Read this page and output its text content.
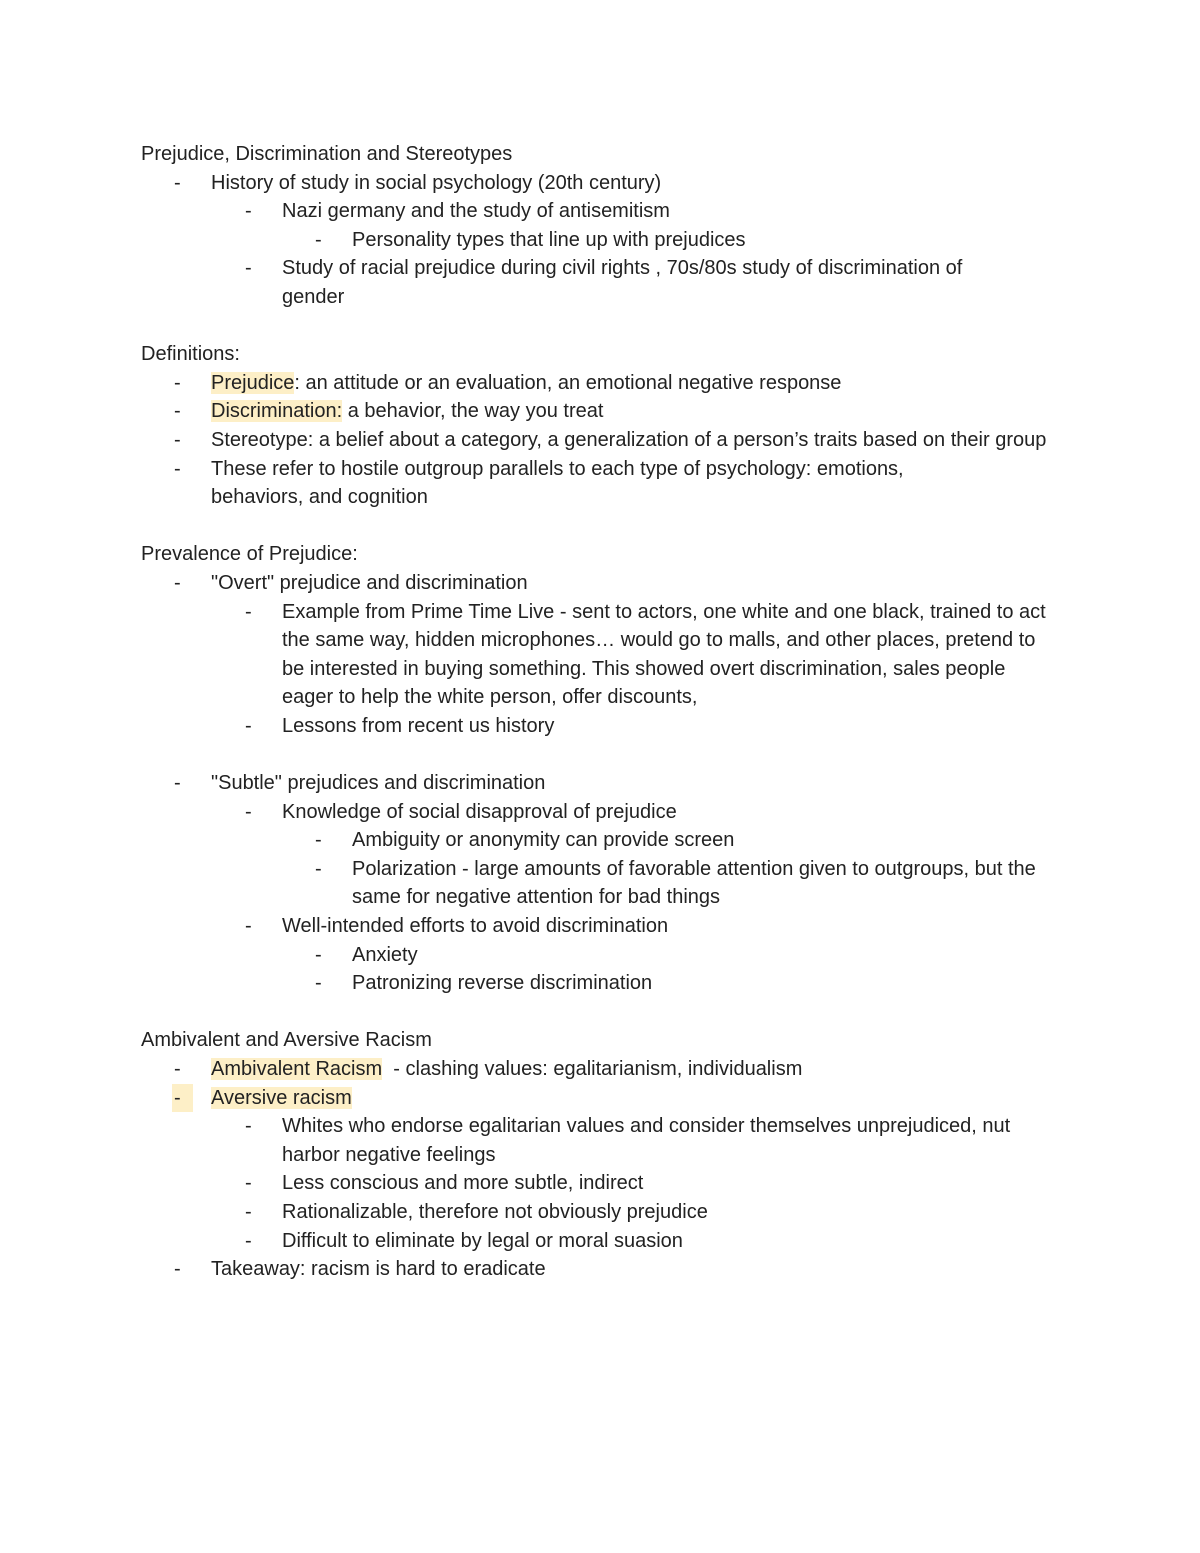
Prejudice, Discrimination and Stereotypes
- History of study in social psychology (20th century)
- Nazi germany and the study of antisemitism
- Personality types that line up with prejudices
- Study of racial prejudice during civil rights , 70s/80s study of discrimination of gender
Definitions:
- Prejudice: an attitude or an evaluation, an emotional negative response
- Discrimination: a behavior, the way you treat
- Stereotype: a belief about a category, a generalization of a person’s traits based on their group
- These refer to hostile outgroup parallels to each type of psychology: emotions, behaviors, and cognition
Prevalence of Prejudice:
- "Overt" prejudice and discrimination
- Example from Prime Time Live - sent to actors, one white and one black, trained to act the same way, hidden microphones… would go to malls, and other places, pretend to be interested in buying something. This showed overt discrimination, sales people eager to help the white person, offer discounts,
- Lessons from recent us history
- "Subtle" prejudices and discrimination
- Knowledge of social disapproval of prejudice
- Ambiguity or anonymity can provide screen
- Polarization - large amounts of favorable attention given to outgroups, but the same for negative attention for bad things
- Well-intended efforts to avoid discrimination
- Anxiety
- Patronizing reverse discrimination
Ambivalent and Aversive Racism
- Ambivalent Racism  - clashing values: egalitarianism, individualism
-	Aversive racism
- Whites who endorse egalitarian values and consider themselves unprejudiced, nut harbor negative feelings
- Less conscious and more subtle, indirect
- Rationalizable, therefore not obviously prejudice
- Difficult to eliminate by legal or moral suasion
- Takeaway: racism is hard to eradicate
